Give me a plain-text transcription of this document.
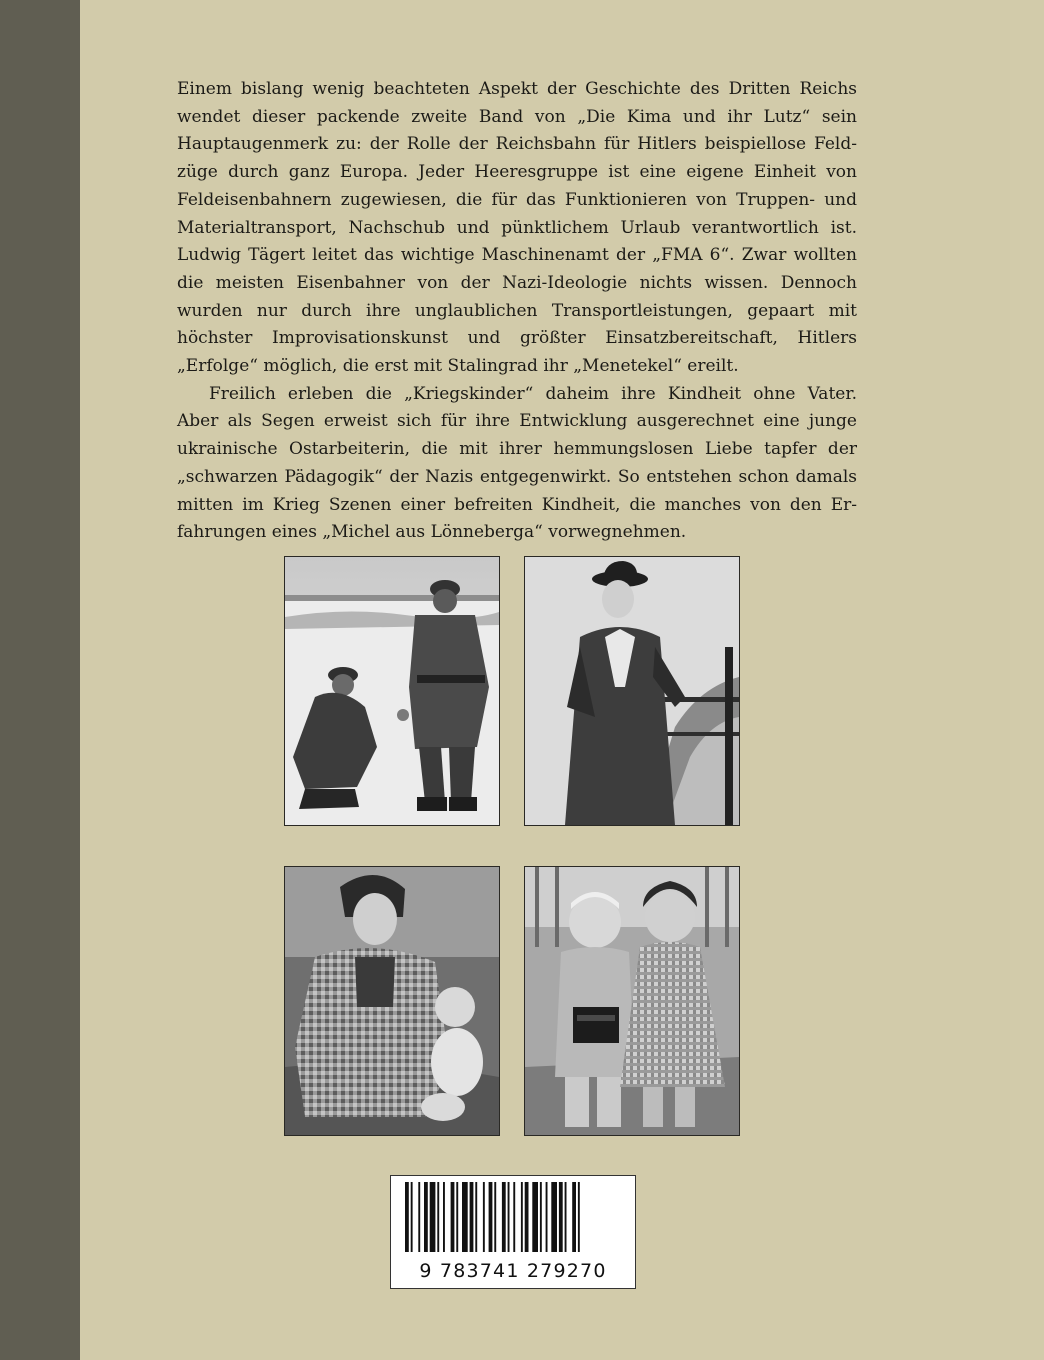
Einem bislang wenig beachteten Aspekt der Geschichte des Dritten Reichs

wendet dieser packende zweite Band von „Die Kima und ihr Lutz“ sein

Hauptaugenmerk zu: der Rolle der Reichsbahn für Hitlers beispiellose Feld-

züge durch ganz Europa. Jeder Heeresgruppe ist eine eigene Einheit von

Feldeisenbahnern zugewiesen, die für das Funktionieren von Truppen- und

Materialtransport, Nachschub und pünktlichem Urlaub verantwortlich ist.

Ludwig Tägert leitet das wichtige Maschinenamt der „FMA 6“. Zwar wollten

die meisten Eisenbahner von der Nazi-Ideologie nichts wissen. Dennoch

wurden nur durch ihre unglaublichen Transportleistungen, gepaart mit

höchster Improvisationskunst und größter Einsatzbereitschaft, Hitlers

„Erfolge“ möglich, die erst mit Stalingrad ihr „Menetekel“ ereilt.

Freilich erleben die „Kriegskinder“ daheim ihre Kindheit ohne Vater.

Aber als Segen erweist sich für ihre Entwicklung ausgerechnet eine junge

ukrainische Ostarbeiterin, die mit ihrer hemmungslosen Liebe tapfer der

„schwarzen Pädagogik“ der Nazis entgegenwirkt. So entstehen schon damals

mitten im Krieg Szenen einer befreiten Kindheit, die manches von den Er-

fahrungen eines „Michel aus Lönneberga“ vorwegnehmen.

9 783741 279270
